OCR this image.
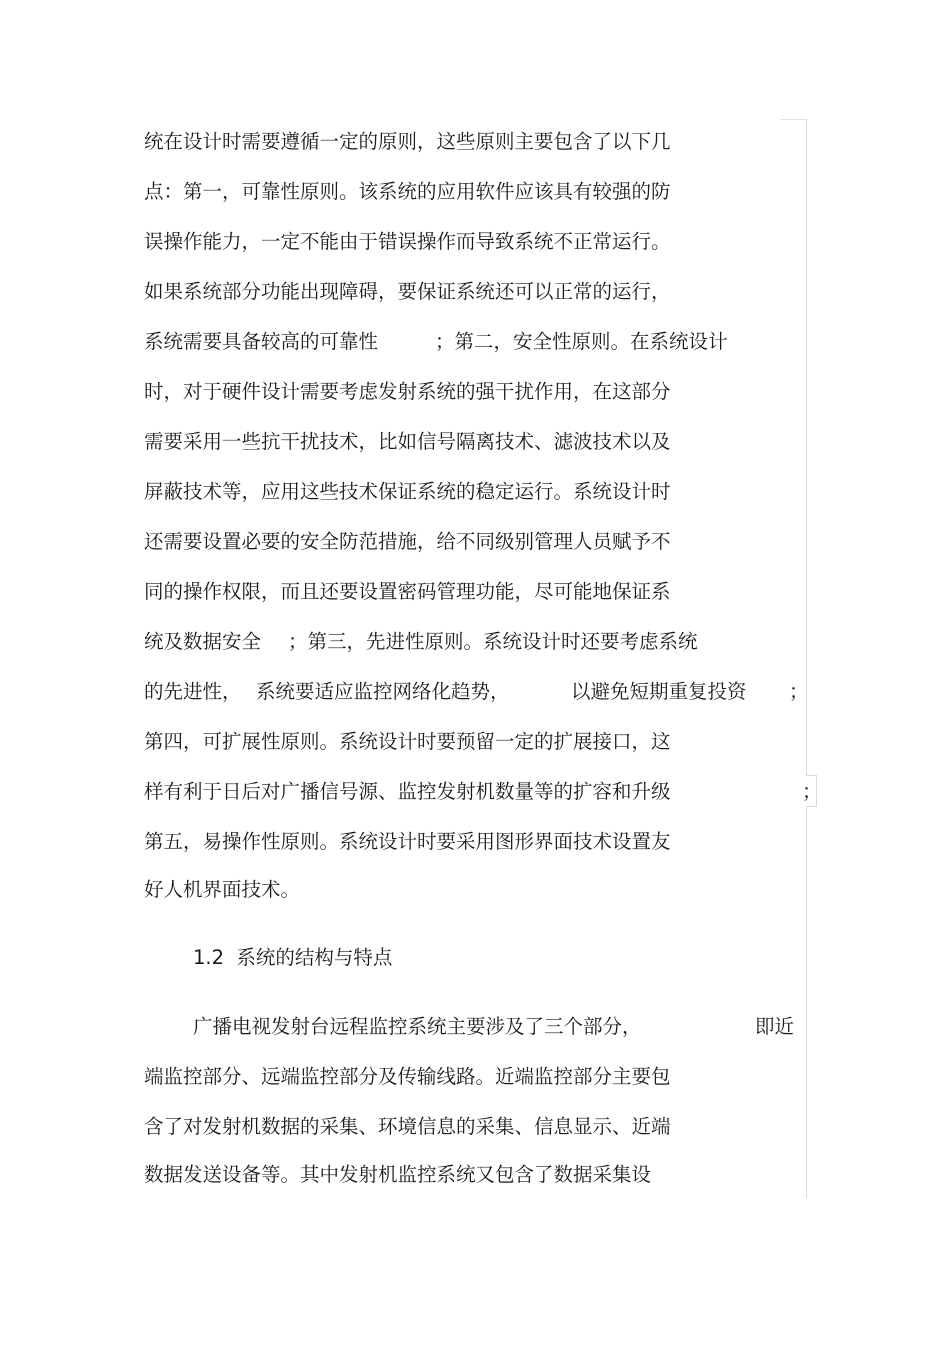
统在设计时需要遵循一定的原则，这些原则主要包含了以下几
点：第一，可靠性原则。该系统的应用软件应该具有较强的防
误操作能力，一定不能由于错误操作而导致系统不正常运行。
如果系统部分功能出现障碍，要保证系统还可以正常的运行，

系统需要具备较高的可靠性

	；第二，安全性原则。在系统设计

时，对于硬件设计需要考虑发射系统的强干扰作用，在这部分
需要采用一些抗干扰技术，比如信号隔离技术、滤波技术以及
屏蔽技术等，应用这些技术保证系统的稳定运行。系统设计时
还需要设置必要的安全防范措施，给不同级别管理人员赋予不
同的操作权限，而且还要设置密码管理功能，尽可能地保证系

统及数据安全

；第三，先进性原则。系统设计时还要考虑系统

的先进性，

系统要适应监控网络化趋势，

	以避免短期重复投资

；

第四，可扩展性原则。系统设计时要预留一定的扩展接口，这

样有利于日后对广播信号源、监控发射机数量等的扩容和升级

	；

第五，易操作性原则。系统设计时要采用图形界面技术设置友
好人机界面技术。
1.2  系统的结构与特点

广播电视发射台远程监控系统主要涉及了三个部分，

	即近

端监控部分、远端监控部分及传输线路。近端监控部分主要包
含了对发射机数据的采集、环境信息的采集、信息显示、近端
数据发送设备等。其中发射机监控系统又包含了数据采集设
